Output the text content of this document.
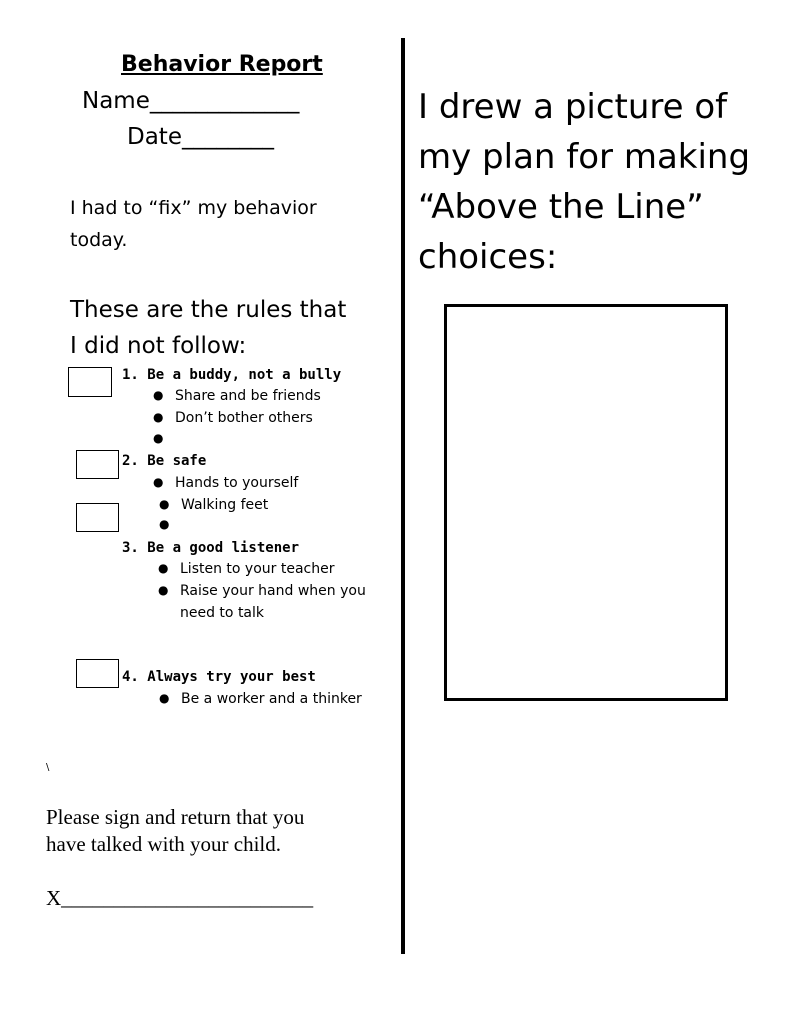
Behavior Report
Name_____________
Date________
I had to “fix” my behavior
today.
These are the rules that
I did not follow:
1. Be a buddy, not a bully
● Share and be friends
● Don’t bother others
●
2. Be safe
● Hands to yourself
● Walking feet
●
3. Be a good listener
● Listen to your teacher
● Raise your hand when you
need to talk
4. Always try your best
● Be a worker and a thinker
\
Please sign and return that you
have talked with your child.
X________________________
I drew a picture of
my plan for making
“Above the Line”
choices:
